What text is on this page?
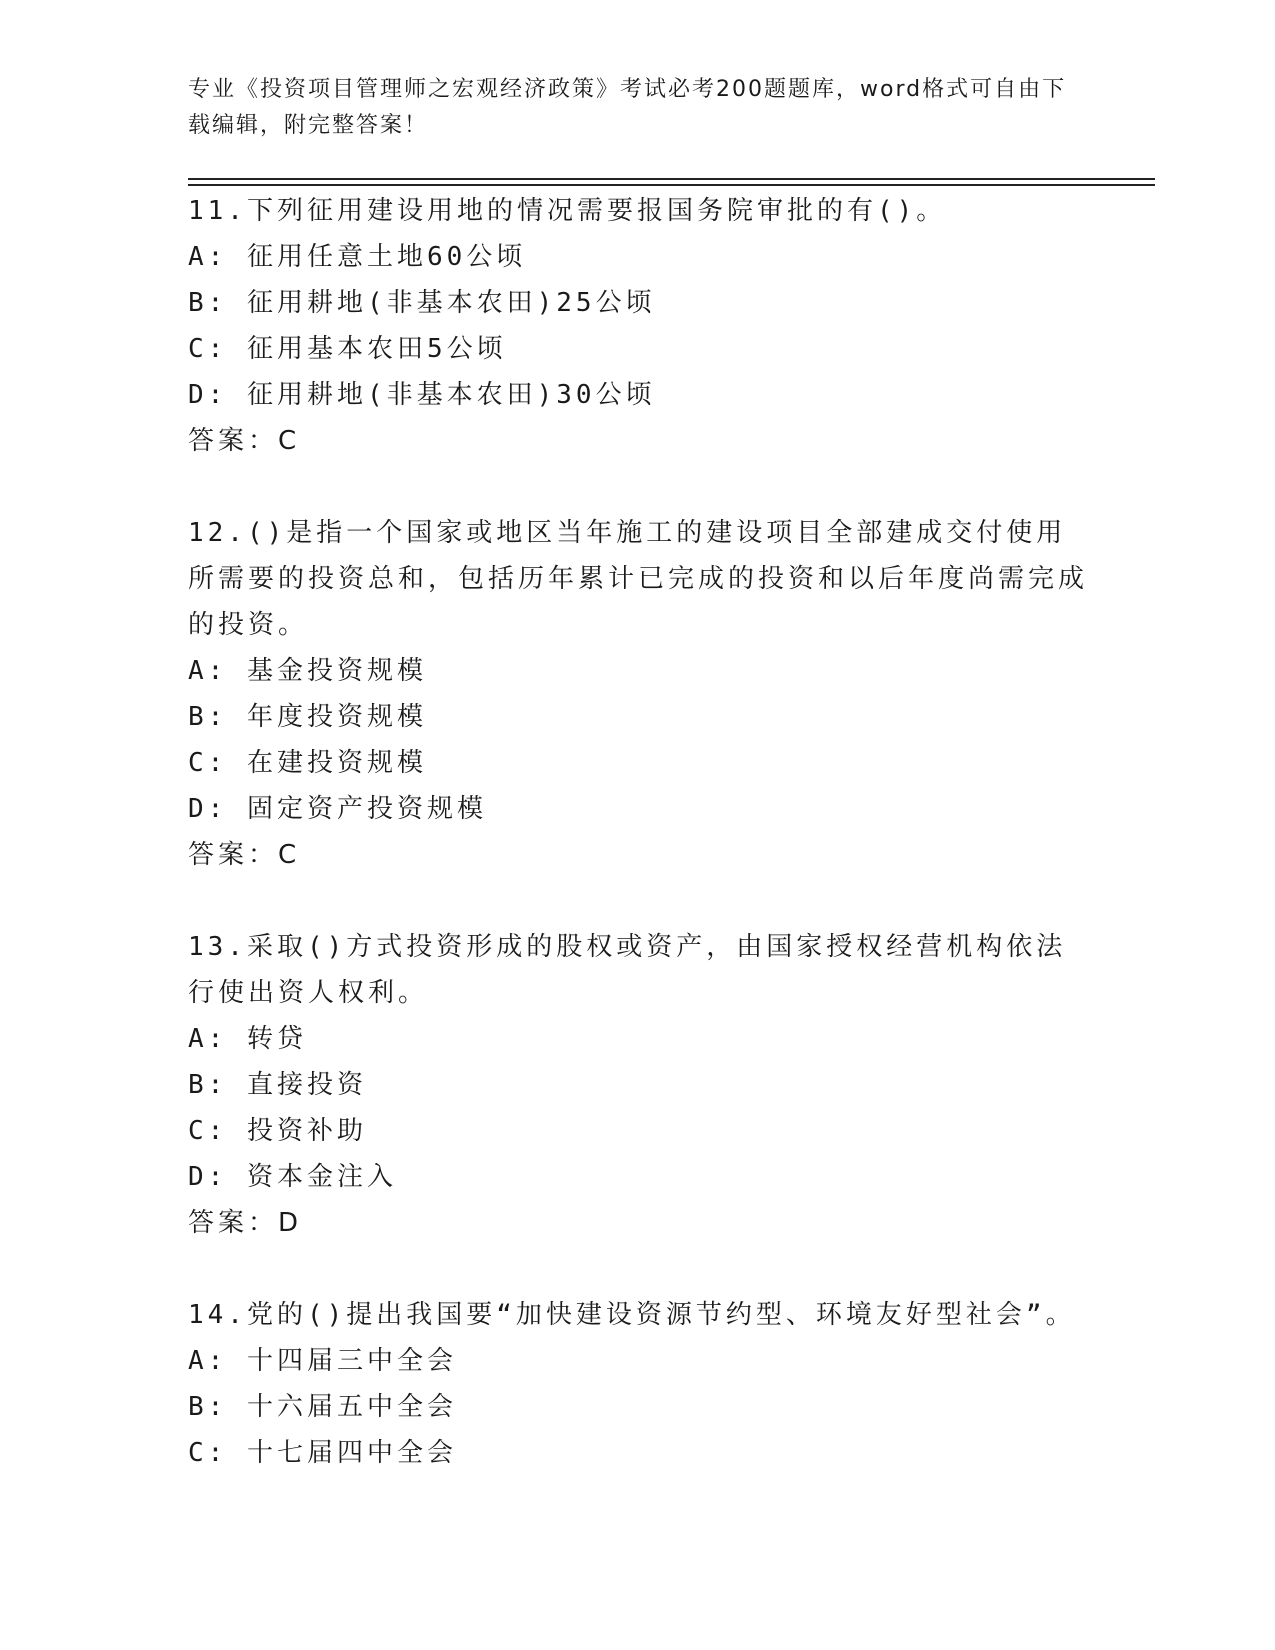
专业《投资项目管理师之宏观经济政策》考试必考200题题库，word格式可自由下载编辑，附完整答案！

11.下列征用建设用地的情况需要报国务院审批的有()。

A: 征用任意土地60公顷

B: 征用耕地(非基本农田)25公顷

C: 征用基本农田5公顷

D: 征用耕地(非基本农田)30公顷

答案：C

12.()是指一个国家或地区当年施工的建设项目全部建成交付使用所需要的投资总和，包括历年累计已完成的投资和以后年度尚需完成的投资。

A: 基金投资规模

B: 年度投资规模

C: 在建投资规模

D: 固定资产投资规模

答案：C

13.采取()方式投资形成的股权或资产，由国家授权经营机构依法行使出资人权利。

A: 转贷

B: 直接投资

C: 投资补助

D: 资本金注入

答案：D

14.党的()提出我国要“加快建设资源节约型、环境友好型社会”。

A: 十四届三中全会

B: 十六届五中全会

C: 十七届四中全会
